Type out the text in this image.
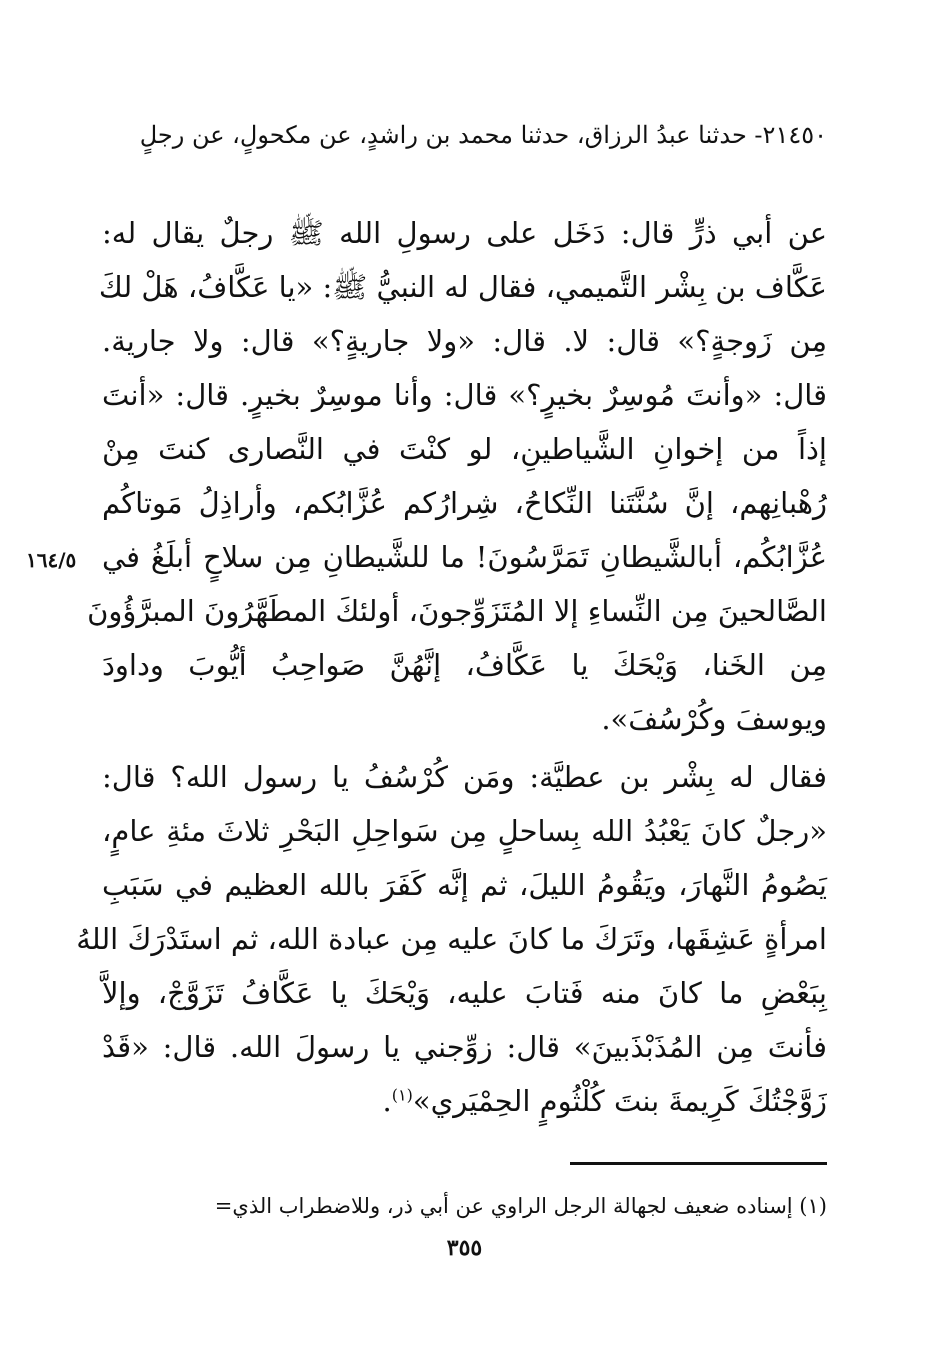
٢١٤٥٠- حدثنا عبدُ الرزاق، حدثنا محمد بن راشدٍ، عن مكحولٍ، عن رجلٍ
عن أبي ذرٍّ قال: دَخَل على رسولِ الله ﷺ رجلٌ يقال له:
عَكَّاف بن بِشْر التَّميمي، فقال له النبيُّ ﷺ: «يا عَكَّافُ، هَلْ لكَ
مِن زَوجةٍ؟» قال: لا. قال: «ولا جاريةٍ؟» قال: ولا جارية.
قال: «وأنتَ مُوسِرٌ بخيرٍ؟» قال: وأنا موسِرٌ بخيرٍ. قال: «أنتَ
إذاً من إخوانِ الشَّياطينِ، لو كنْتَ في النَّصارى كنتَ مِنْ
رُهْبانِهم، إنَّ سُنَّتَنا النِّكاحُ، شِرارُكم عُزَّابُكم، وأراذِلُ مَوتاكُم
عُزَّابُكُم، أبالشَّيطانِ تَمَرَّسُونَ! ما للشَّيطانِ مِن سلاحٍ أبلَغُ في
الصَّالحينَ مِن النِّساءِ إلا المُتَزَوِّجونَ، أولئكَ المطَهَّرُونَ المبرَّؤُونَ
مِن الخَنا، وَيْحَكَ يا عَكَّافُ، إنَّهُنَّ صَواحِبُ أيُّوبَ وداودَ
ويوسفَ وكُرْسُفَ».
١٦٤/٥
فقال له بِشْر بن عطيَّة: ومَن كُرْسُفُ يا رسول الله؟ قال:
«رجلٌ كانَ يَعْبُدُ الله بِساحلٍ مِن سَواحِلِ البَحْرِ ثلاثَ مئةِ عامٍ،
يَصُومُ النَّهارَ، ويَقُومُ الليلَ، ثم إنَّه كَفَرَ بالله العظيم في سَبَبِ
امرأةٍ عَشِقَها، وتَرَكَ ما كانَ عليه مِن عبادة الله، ثم استَدْرَكَ اللهُ
بِبَعْضِ ما كانَ منه فَتابَ عليه، وَيْحَكَ يا عَكَّافُ تَزَوَّجْ، وإلاَّ
فأنتَ مِن المُذَبْذَبينَ» قال: زوِّجني يا رسولَ الله. قال: «قَدْ
زَوَّجْتُكَ كَرِيمةَ بنتَ كُلْثُومٍ الحِمْيَري»$^{(١)}$.
(١) إسناده ضعيف لجهالة الرجل الراوي عن أبي ذر، وللاضطراب الذي=
٣٥٥
